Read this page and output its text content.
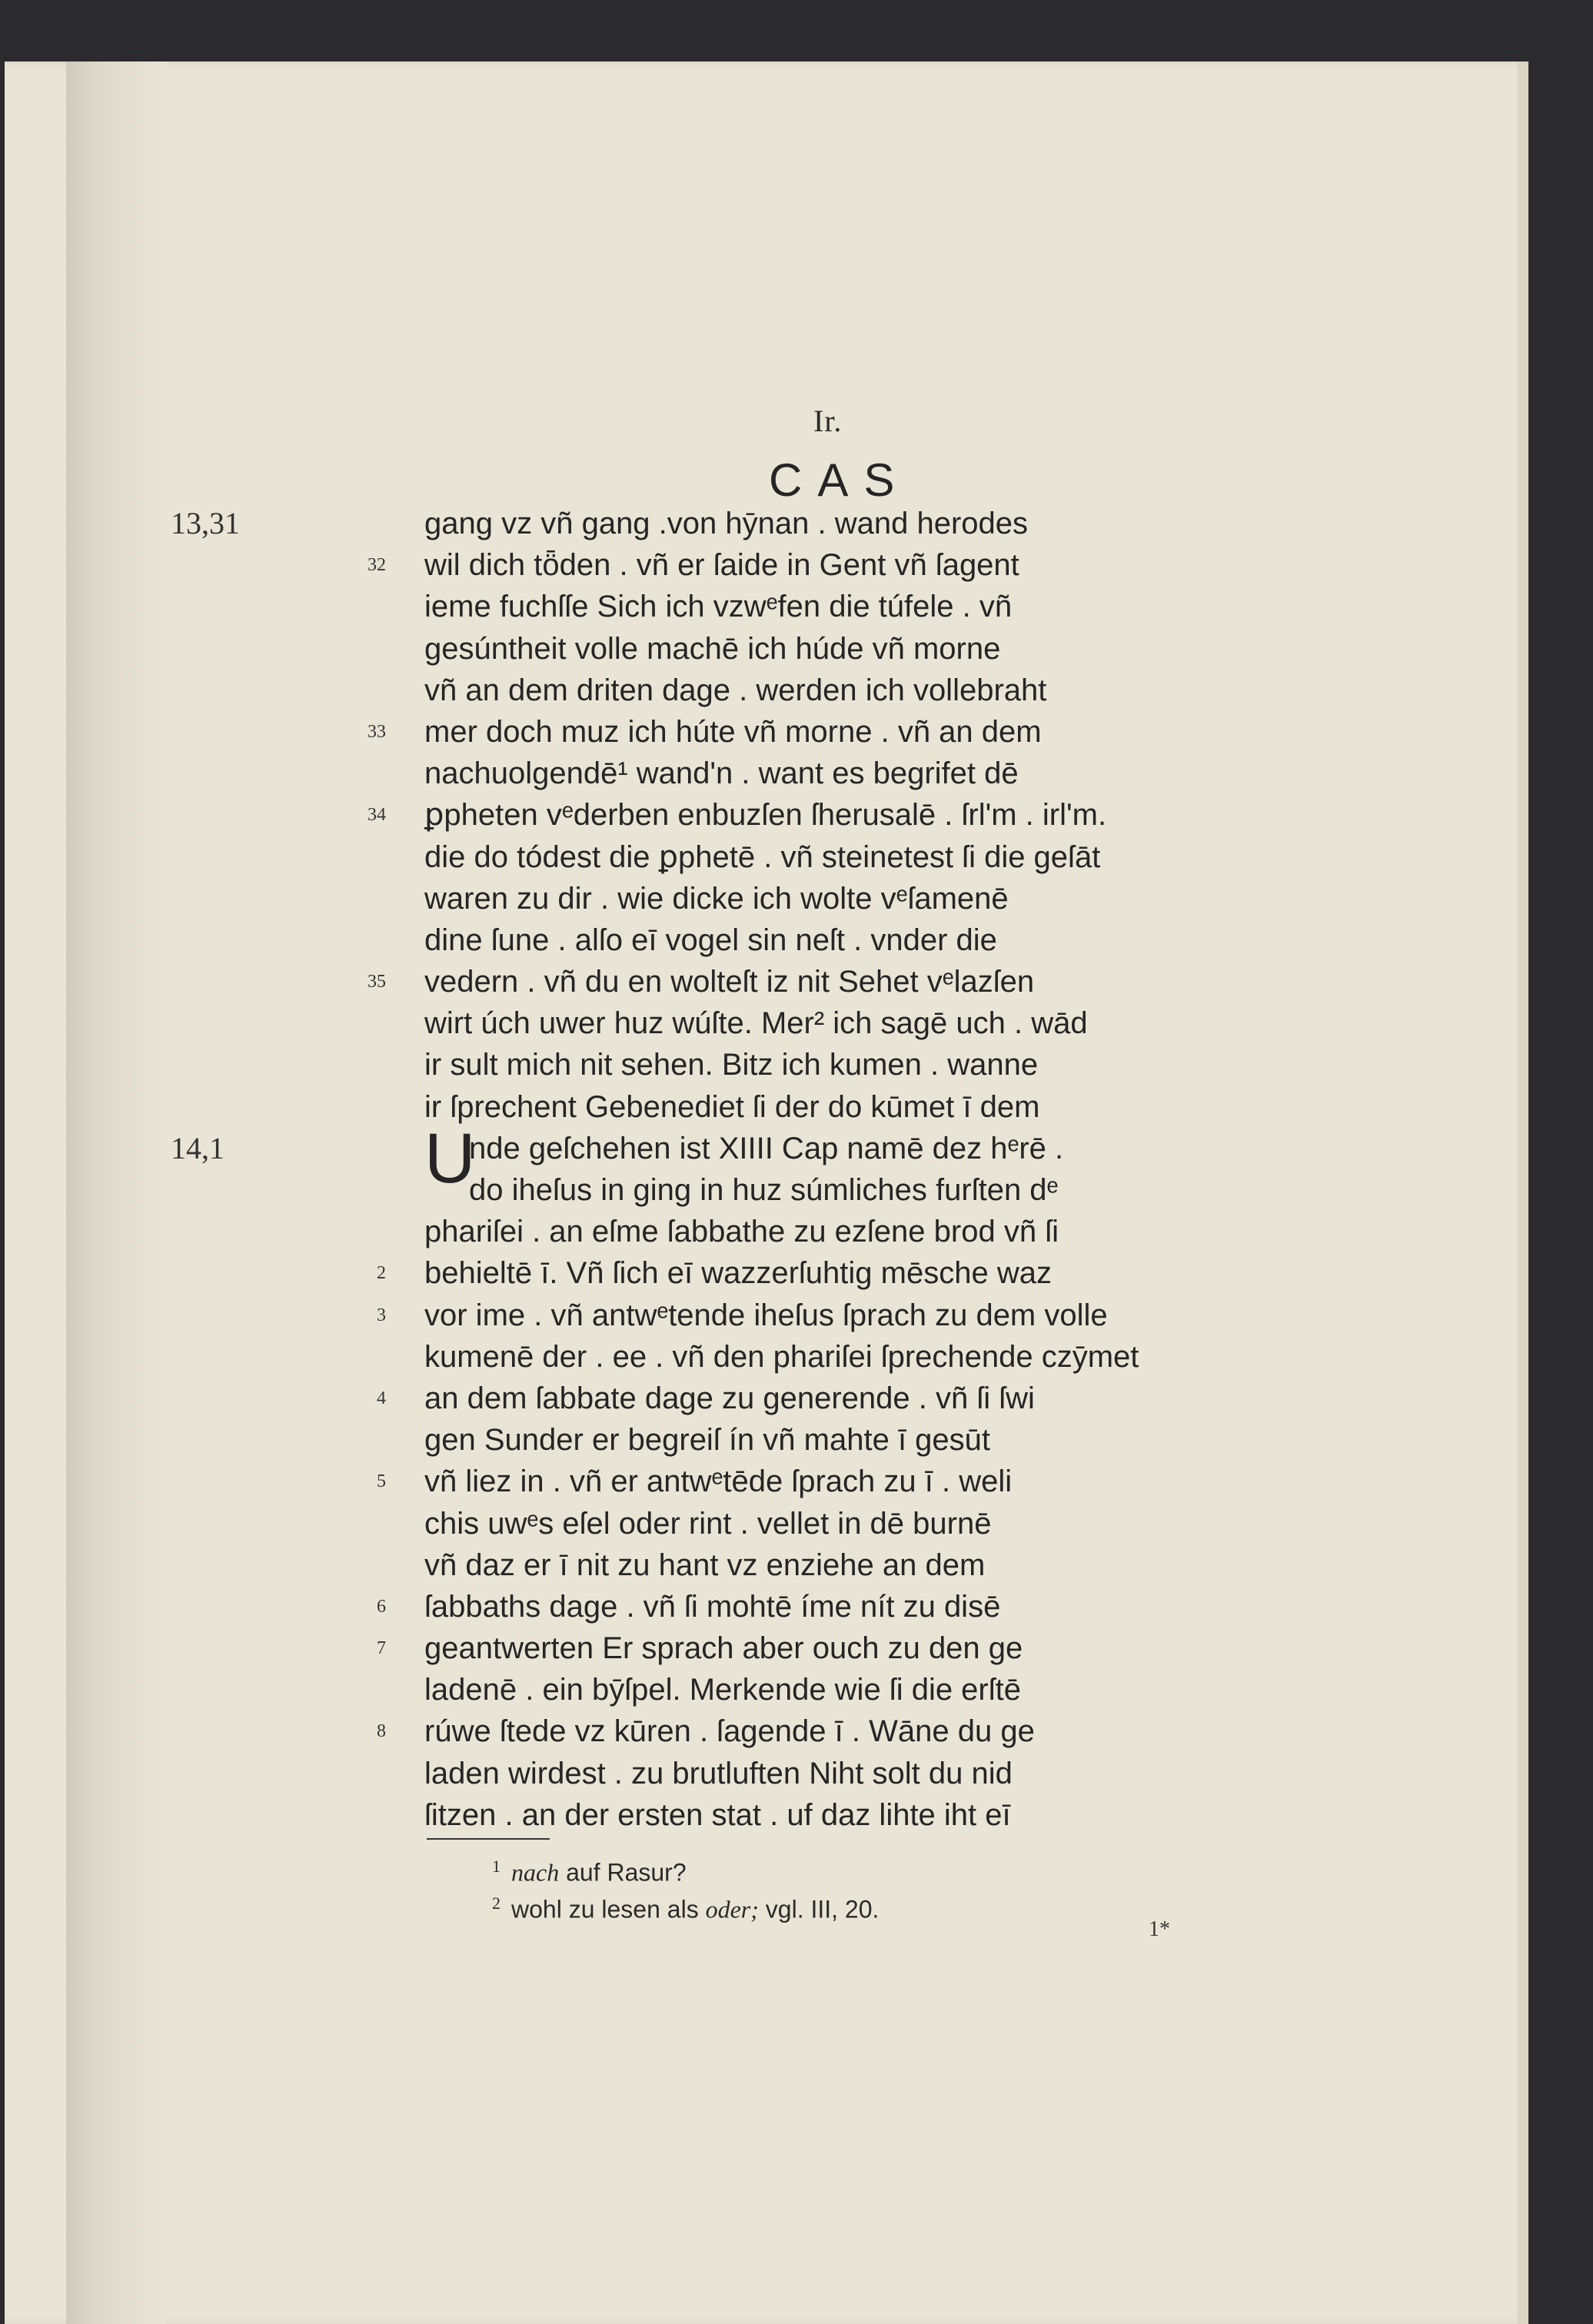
Ir.
CAS
13,31	gang vz vñ gang .von hȳnan . wand herodes
32 wil dich tȫden . vñ er ſaide in Gent vñ ſagent
ieme fuchſſe Sich ich vzwᵉfen die túfele . vñ
gesúntheit volle machē ich húde vñ morne
vñ an dem driten dage . werden ich vollebraht
33 mer doch muz ich húte vñ morne . vñ an dem
nachuolgendē¹ wand'n . want es begrifet dē
34 ꝑpheten vᵉderben enbuzſen ſherusalē . ſrl'm . irl'm.
die do tódest die ꝑphetē . vñ steinetest ſi die geſāt
waren zu dir . wie dicke ich wolte vᵉſamenē
dine ſune . alſo eī vogel sin neſt . vnder die
35 vedern . vñ du en wolteſt iz nit Sehet vᵉlazſen
wirt úch uwer huz wúſte. Mer² ich sagē uch . wād
ir sult mich nit sehen. Bitz ich kumen . wanne
ir ſprechent Gebenediet ſi der do kūmet ī dem
14,1	nde geſchehen ist XIIII Cap namē dez hᵉrē .
U
do iheſus in ging in huz súmliches furſten dᵉ
phariſei . an eſme ſabbathe zu ezſene brod vñ ſi
2 behieltē ī. Vñ ſich eī wazzerſuhtig mēsche waz
3 vor ime . vñ antwᵉtende iheſus ſprach zu dem volle
kumenē der . ee . vñ den phariſei ſprechende czȳmet
4 an dem ſabbate dage zu generende . vñ ſi ſwi
gen Sunder er begreiſ ín vñ mahte ī gesūt
5 vñ liez in . vñ er antwᵉtēde ſprach zu ī . weli
chis uwᵉs eſel oder rint . vellet in dē burnē
vñ daz er ī nit zu hant vz enziehe an dem
6 ſabbaths dage . vñ ſi mohtē íme nít zu disē
7 geantwerten Er sprach aber ouch zu den ge
ladenē . ein bȳſpel. Merkende wie ſi die erſtē
8 rúwe ſtede vz kūren . ſagende ī . Wāne du ge
laden wirdest . zu brutluften Niht solt du nid
ſitzen . an der ersten stat . uf daz lihte iht eī
$^1$ nach auf Rasur?
$^2$ wohl zu lesen als oder; vgl. III, 20.
1*
